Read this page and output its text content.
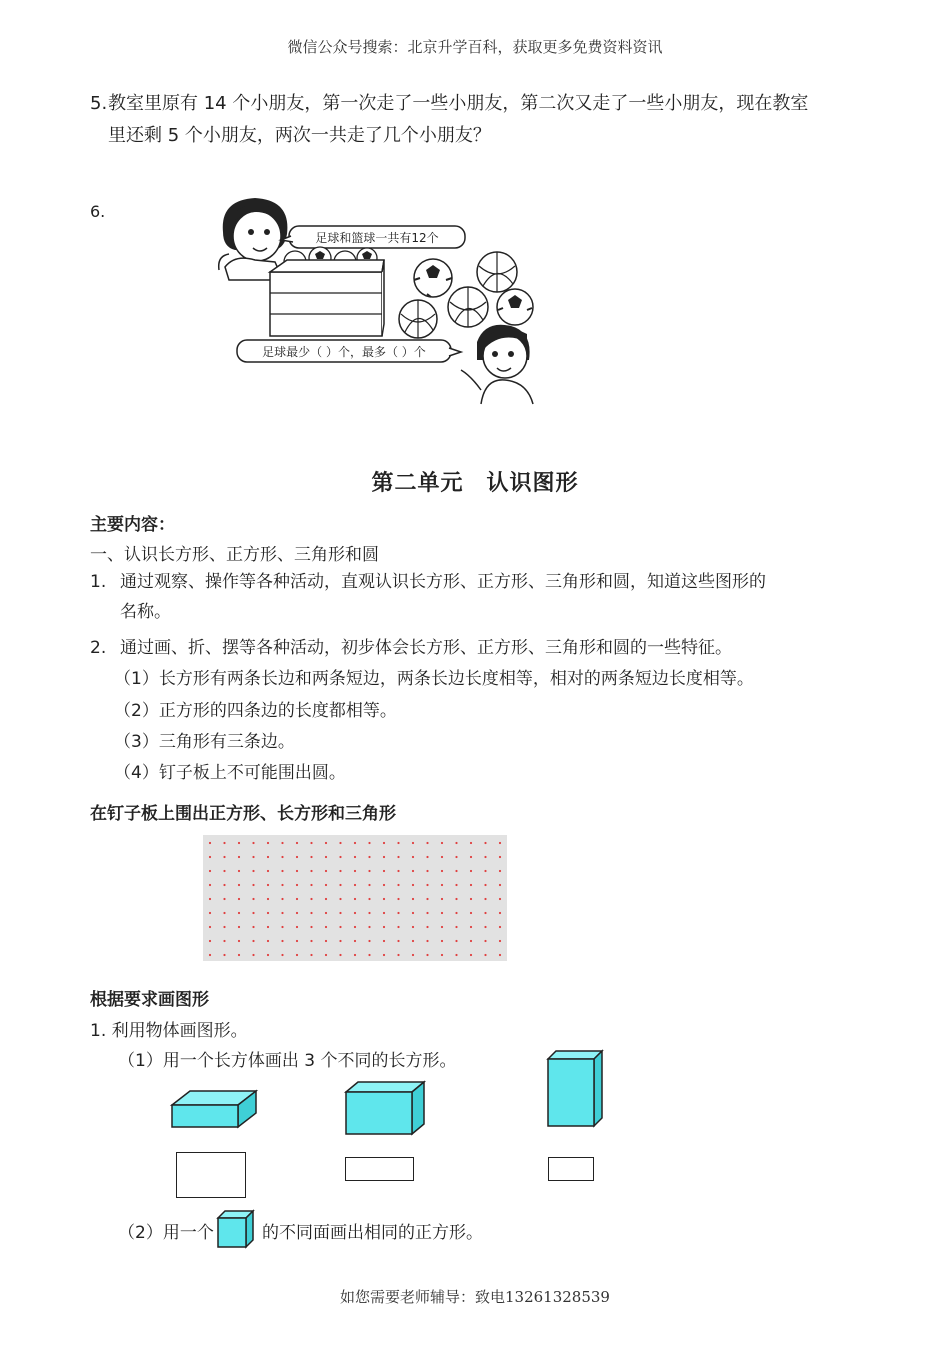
微信公众号搜索：北京升学百科，获取更多免费资料资讯
5.教室里原有 14 个小朋友，第一次走了一些小朋友，第二次又走了一些小朋友，现在教室
里还剩 5 个小朋友，两次一共走了几个小朋友？
6.
足球和篮球一共有12个
足球最少（ ）个，最多（ ）个
第二单元　认识图形
主要内容：
一、认识长方形、正方形、三角形和圆
1. 通过观察、操作等各种活动，直观认识长方形、正方形、三角形和圆，知道这些图形的
名称。
2. 通过画、折、摆等各种活动，初步体会长方形、正方形、三角形和圆的一些特征。
（1）长方形有两条长边和两条短边，两条长边长度相等，相对的两条短边长度相等。
（2）正方形的四条边的长度都相等。
（3）三角形有三条边。
（4）钉子板上不可能围出圆。
在钉子板上围出正方形、长方形和三角形
根据要求画图形
1. 利用物体画图形。
（1）用一个长方体画出 3 个不同的长方形。
（2）用一个	的不同面画出相同的正方形。
如您需要老师辅导：致电13261328539
